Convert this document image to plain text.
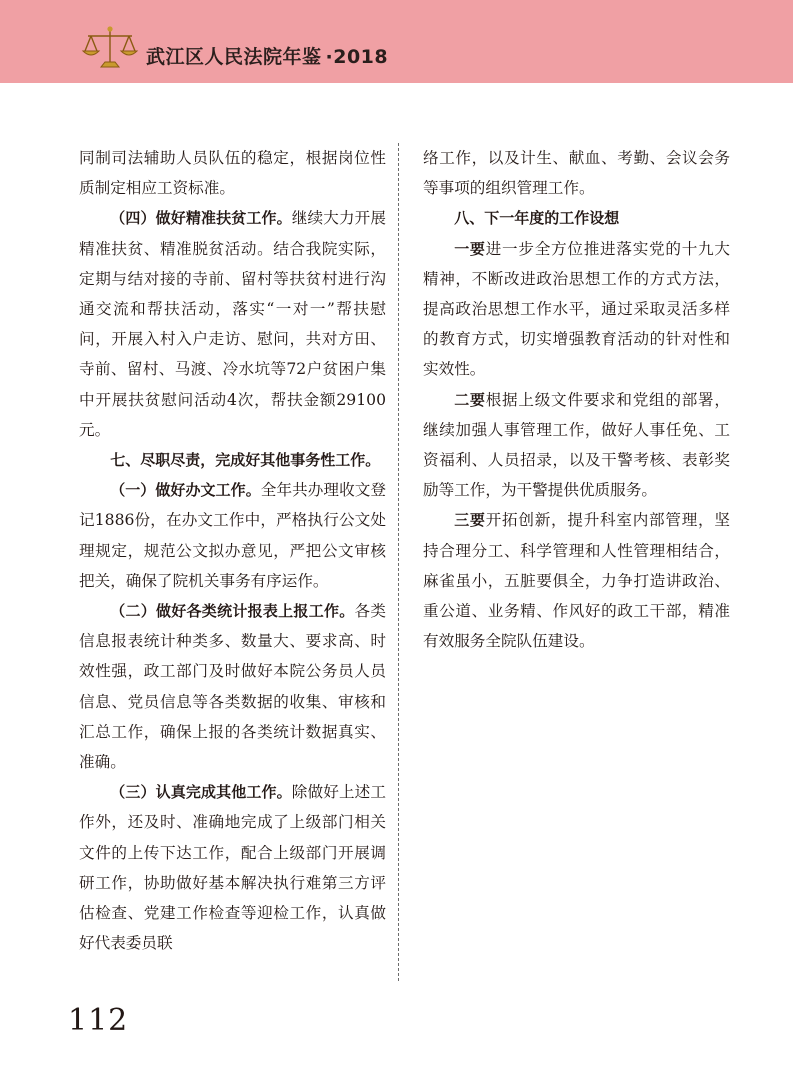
武江区人民法院年鉴 ·2018

同制司法辅助人员队伍的稳定，根据岗位性质制定相应工资标准。

（四）做好精准扶贫工作。继续大力开展精准扶贫、精准脱贫活动。结合我院实际，定期与结对接的寺前、留村等扶贫村进行沟通交流和帮扶活动，落实“一对一”帮扶慰问，开展入村入户走访、慰问，共对方田、寺前、留村、马渡、冷水坑等72户贫困户集中开展扶贫慰问活动4次，帮扶金额29100元。

七、尽职尽责，完成好其他事务性工作。

（一）做好办文工作。全年共办理收文登记1886份，在办文工作中，严格执行公文处理规定，规范公文拟办意见，严把公文审核把关，确保了院机关事务有序运作。

（二）做好各类统计报表上报工作。各类信息报表统计种类多、数量大、要求高、时效性强，政工部门及时做好本院公务员人员信息、党员信息等各类数据的收集、审核和汇总工作，确保上报的各类统计数据真实、准确。

（三）认真完成其他工作。除做好上述工作外，还及时、准确地完成了上级部门相关文件的上传下达工作，配合上级部门开展调研工作，协助做好基本解决执行难第三方评估检查、党建工作检查等迎检工作，认真做好代表委员联

络工作，以及计生、献血、考勤、会议会务等事项的组织管理工作。

八、下一年度的工作设想

一要进一步全方位推进落实党的十九大精神，不断改进政治思想工作的方式方法，提高政治思想工作水平，通过采取灵活多样的教育方式，切实增强教育活动的针对性和实效性。

二要根据上级文件要求和党组的部署，继续加强人事管理工作，做好人事任免、工资福利、人员招录，以及干警考核、表彰奖励等工作，为干警提供优质服务。

三要开拓创新，提升科室内部管理，坚持合理分工、科学管理和人性管理相结合，麻雀虽小，五脏要俱全，力争打造讲政治、重公道、业务精、作风好的政工干部，精准有效服务全院队伍建设。

112
